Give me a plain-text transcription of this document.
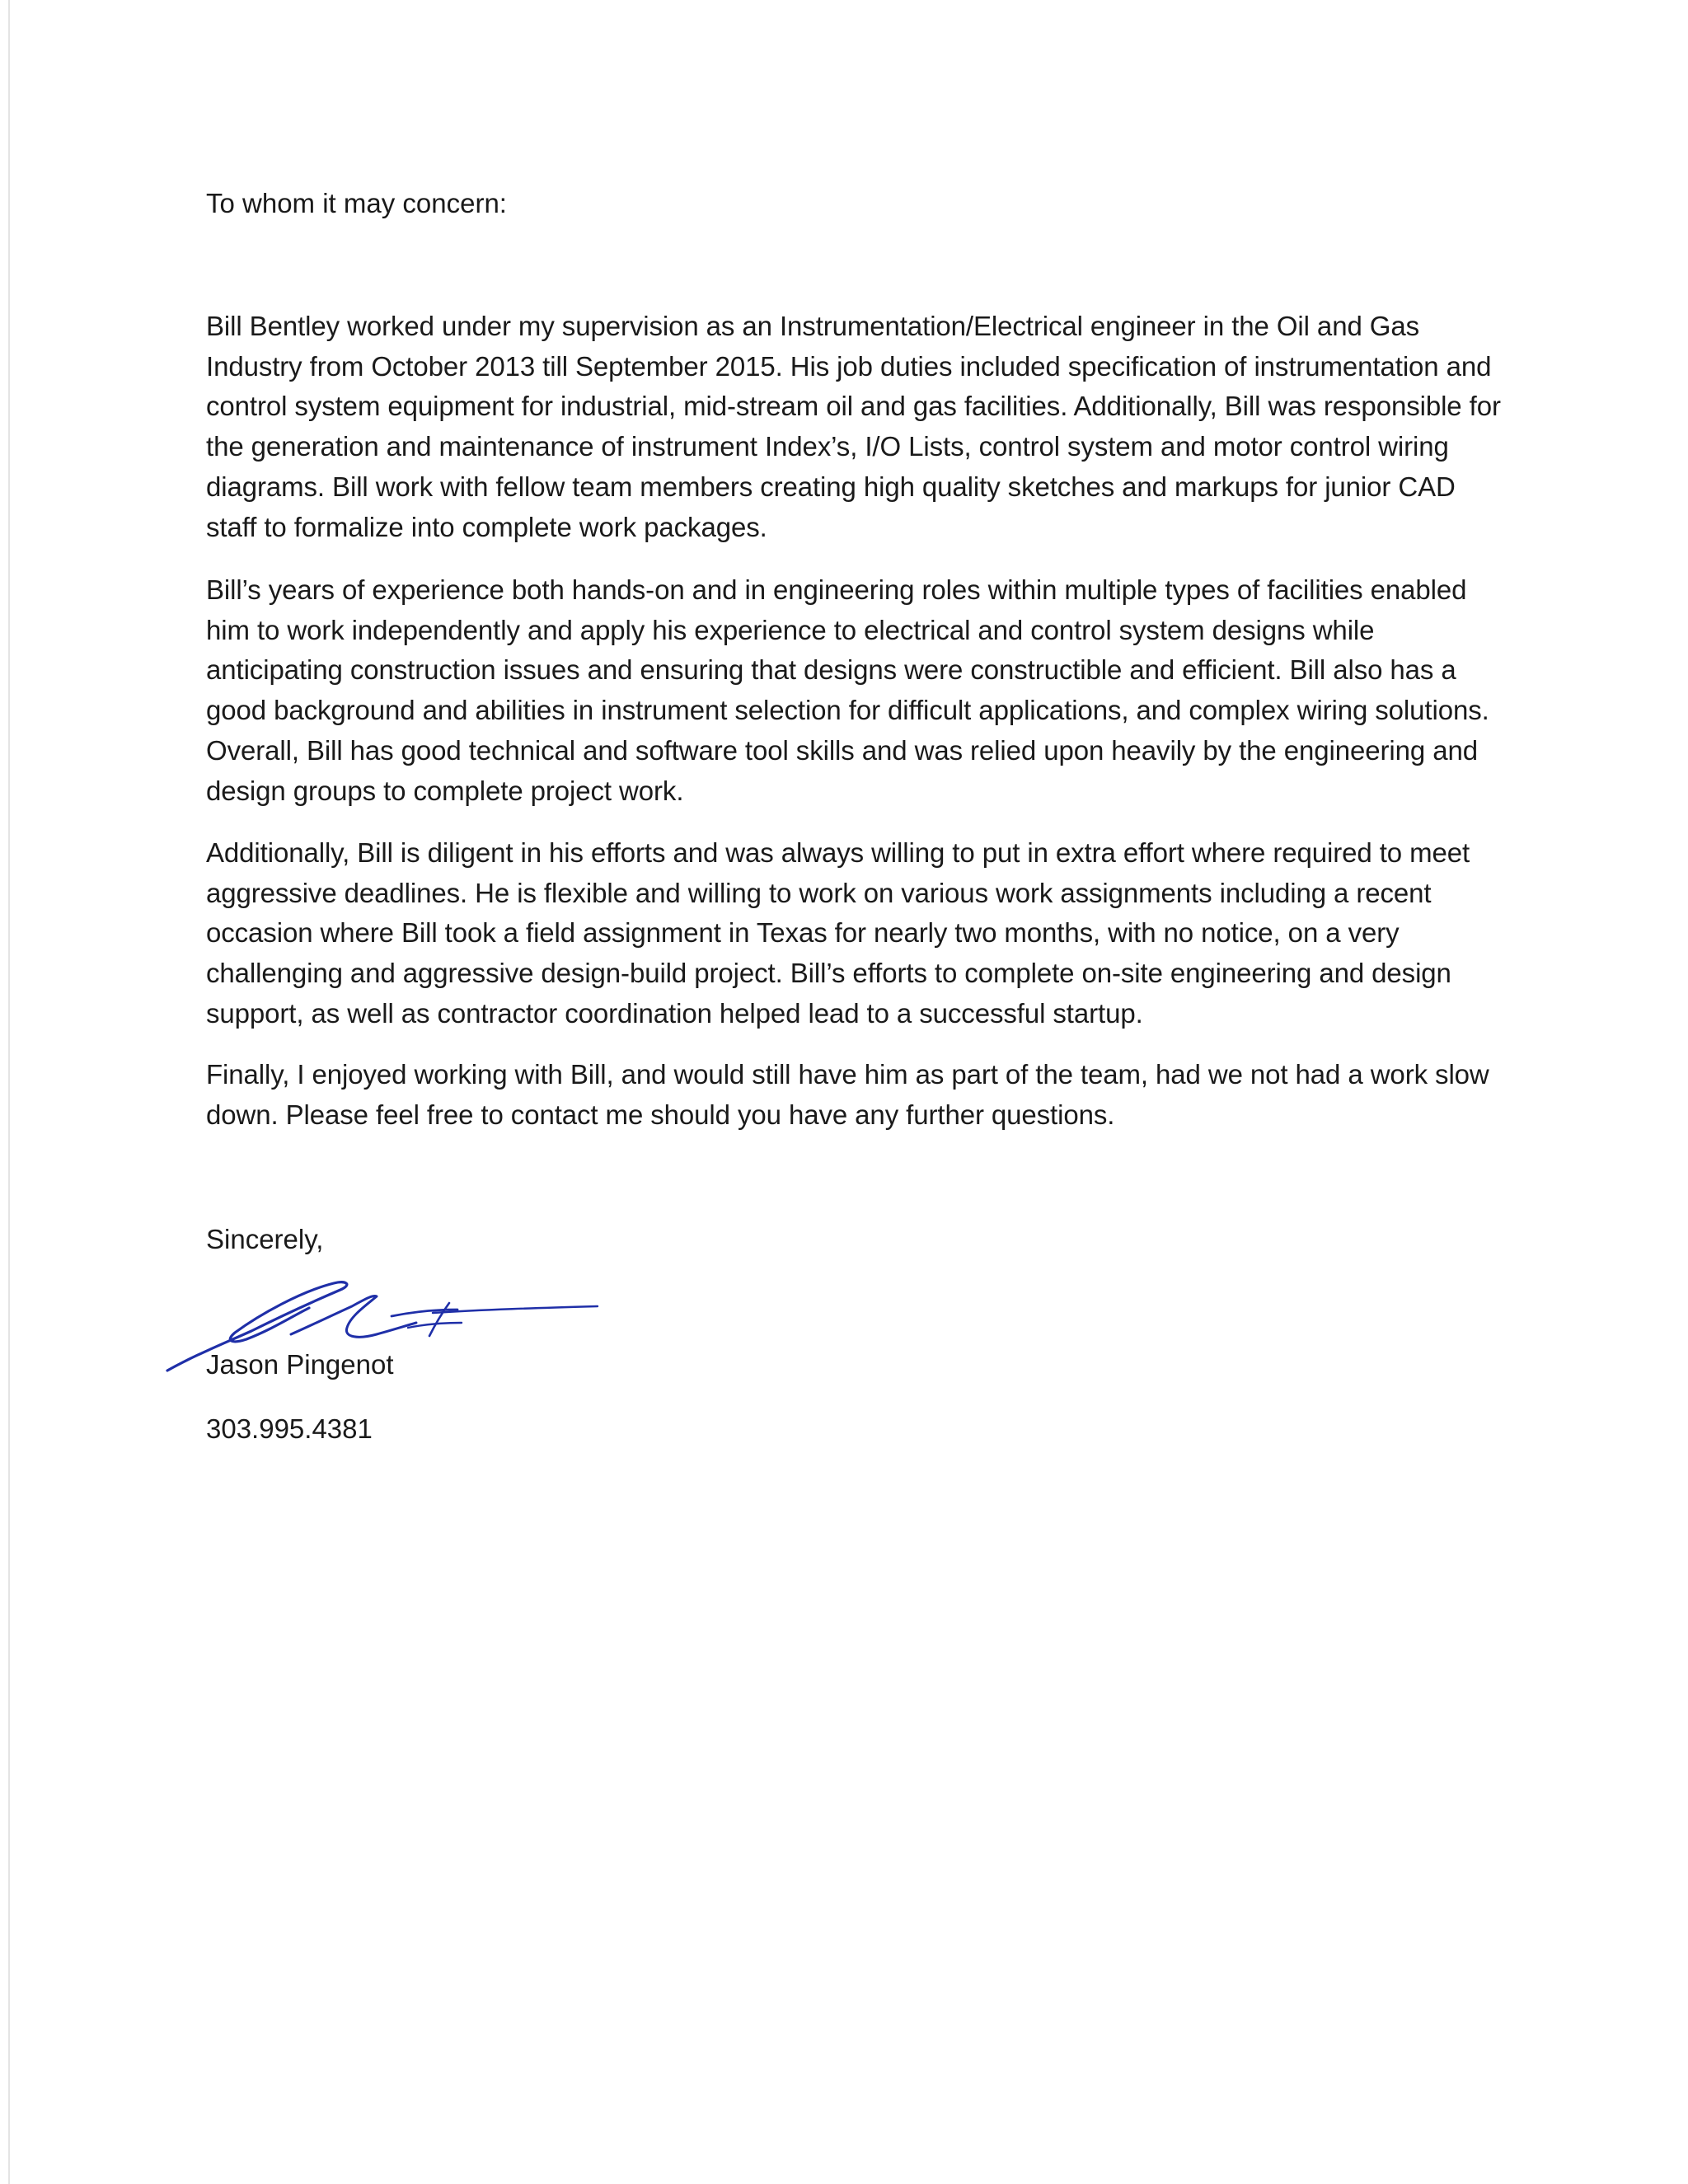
To whom it may concern:

Bill Bentley worked under my supervision as an Instrumentation/Electrical engineer in the Oil and Gas Industry from October 2013 till September 2015. His job duties included specification of instrumentation and control system equipment for industrial, mid-stream oil and gas facilities. Additionally, Bill was responsible for the generation and maintenance of instrument Index’s, I/O Lists, control system and motor control wiring diagrams. Bill work with fellow team members creating high quality sketches and markups for junior CAD staff to formalize into complete work packages.

Bill’s years of experience both hands-on and in engineering roles within multiple types of facilities enabled him to work independently and apply his experience to electrical and control system designs while anticipating construction issues and ensuring that designs were constructible and efficient. Bill also has a good background and abilities in instrument selection for difficult applications, and complex wiring solutions. Overall, Bill has good technical and software tool skills and was relied upon heavily by the engineering and design groups to complete project work.

Additionally, Bill is diligent in his efforts and was always willing to put in extra effort where required to meet aggressive deadlines. He is flexible and willing to work on various work assignments including a recent occasion where Bill took a field assignment in Texas for nearly two months, with no notice, on a very challenging and aggressive design-build project. Bill’s efforts to complete on-site engineering and design support, as well as contractor coordination helped lead to a successful startup.

Finally, I enjoyed working with Bill, and would still have him as part of the team, had we not had a work slow down. Please feel free to contact me should you have any further questions.

Sincerely,

Jason Pingenot

303.995.4381
